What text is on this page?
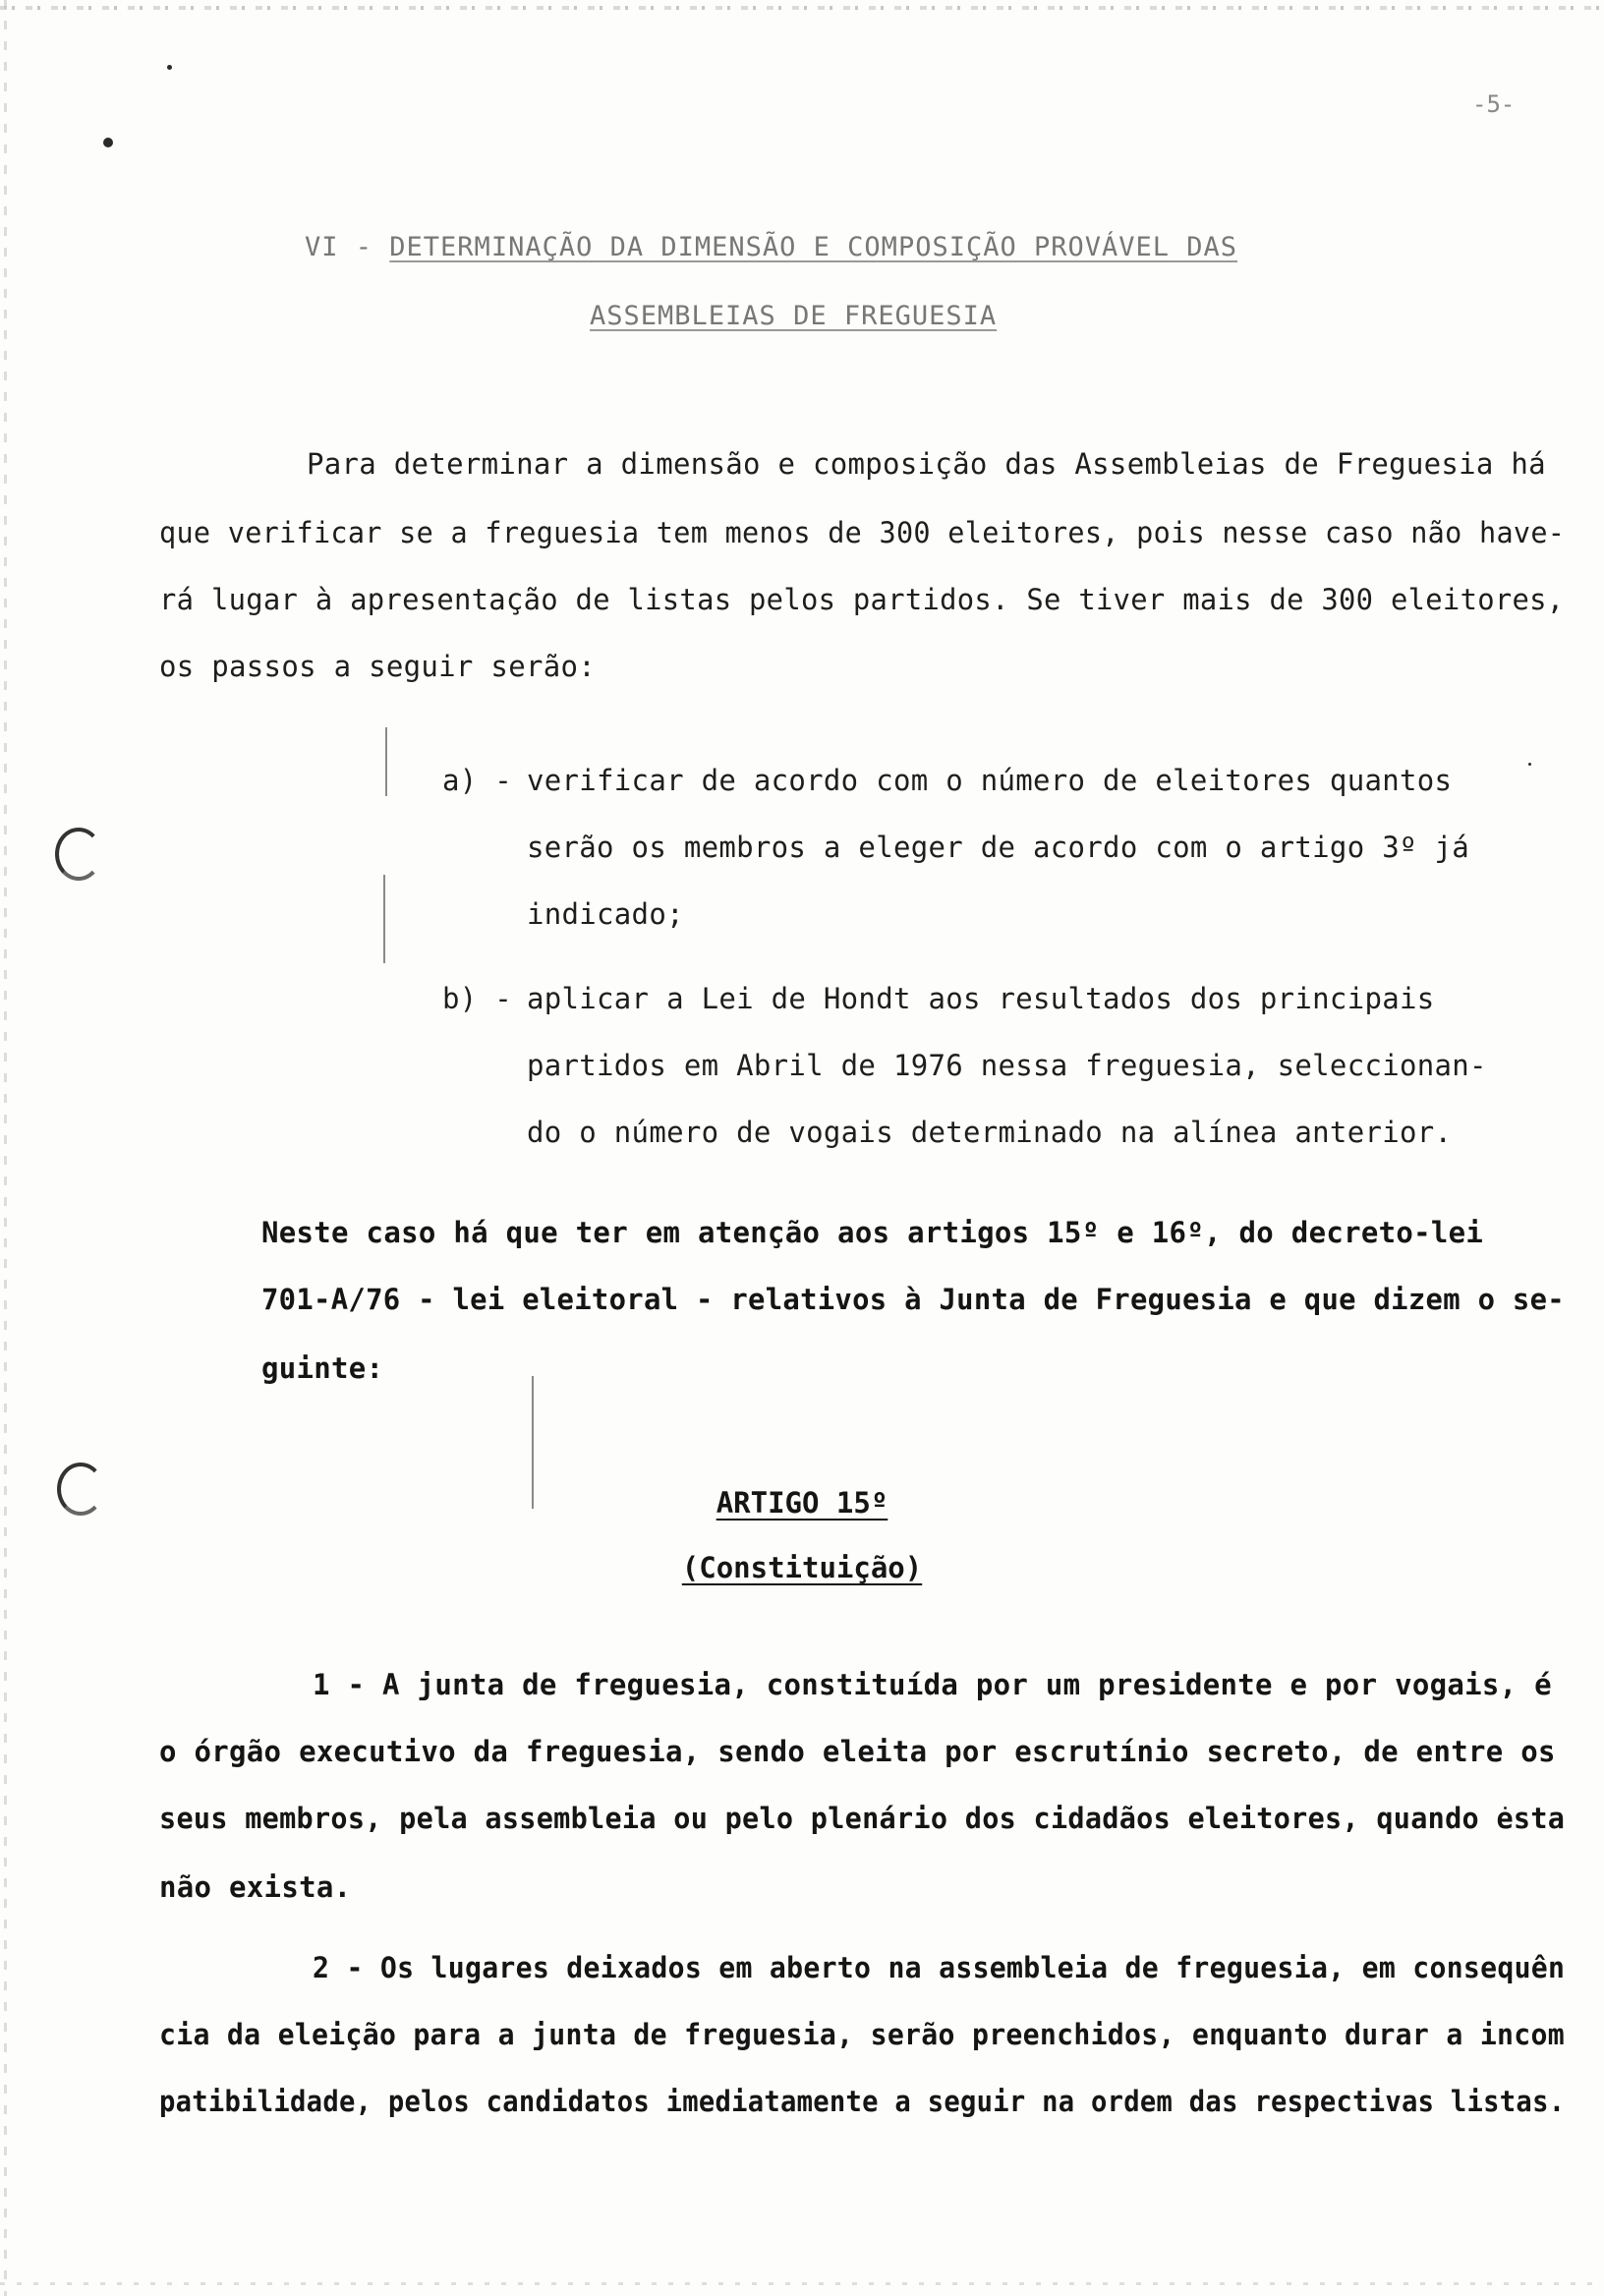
-5-
VI - DETERMINAÇÃO DA DIMENSÃO E COMPOSIÇÃO PROVÁVEL DAS
ASSEMBLEIAS DE FREGUESIA
Para determinar a dimensão e composição das Assembleias de Freguesia há
que verificar se a freguesia tem menos de 300 eleitores, pois nesse caso não have-
rá lugar à apresentação de listas pelos partidos. Se tiver mais de 300 eleitores,
os passos a seguir serão:
a) - verificar de acordo com o número de eleitores quantos
serão os membros a eleger de acordo com o artigo 3º já
indicado;
b) - aplicar a Lei de Hondt aos resultados dos principais
partidos em Abril de 1976 nessa freguesia, seleccionan-
do o número de vogais determinado na alínea anterior.
Neste caso há que ter em atenção aos artigos 15º e 16º, do decreto-lei
701-A/76 - lei eleitoral - relativos à Junta de Freguesia e que dizem o se-
guinte:
ARTIGO 15º
(Constituição)
1 - A junta de freguesia, constituída por um presidente e por vogais, é
o órgão executivo da freguesia, sendo eleita por escrutínio secreto, de entre os
seus membros, pela assembleia ou pelo plenário dos cidadãos eleitores, quando esta
não exista.
2 - Os lugares deixados em aberto na assembleia de freguesia, em consequên
cia da eleição para a junta de freguesia, serão preenchidos, enquanto durar a incom
patibilidade, pelos candidatos imediatamente a seguir na ordem das respectivas listas.
